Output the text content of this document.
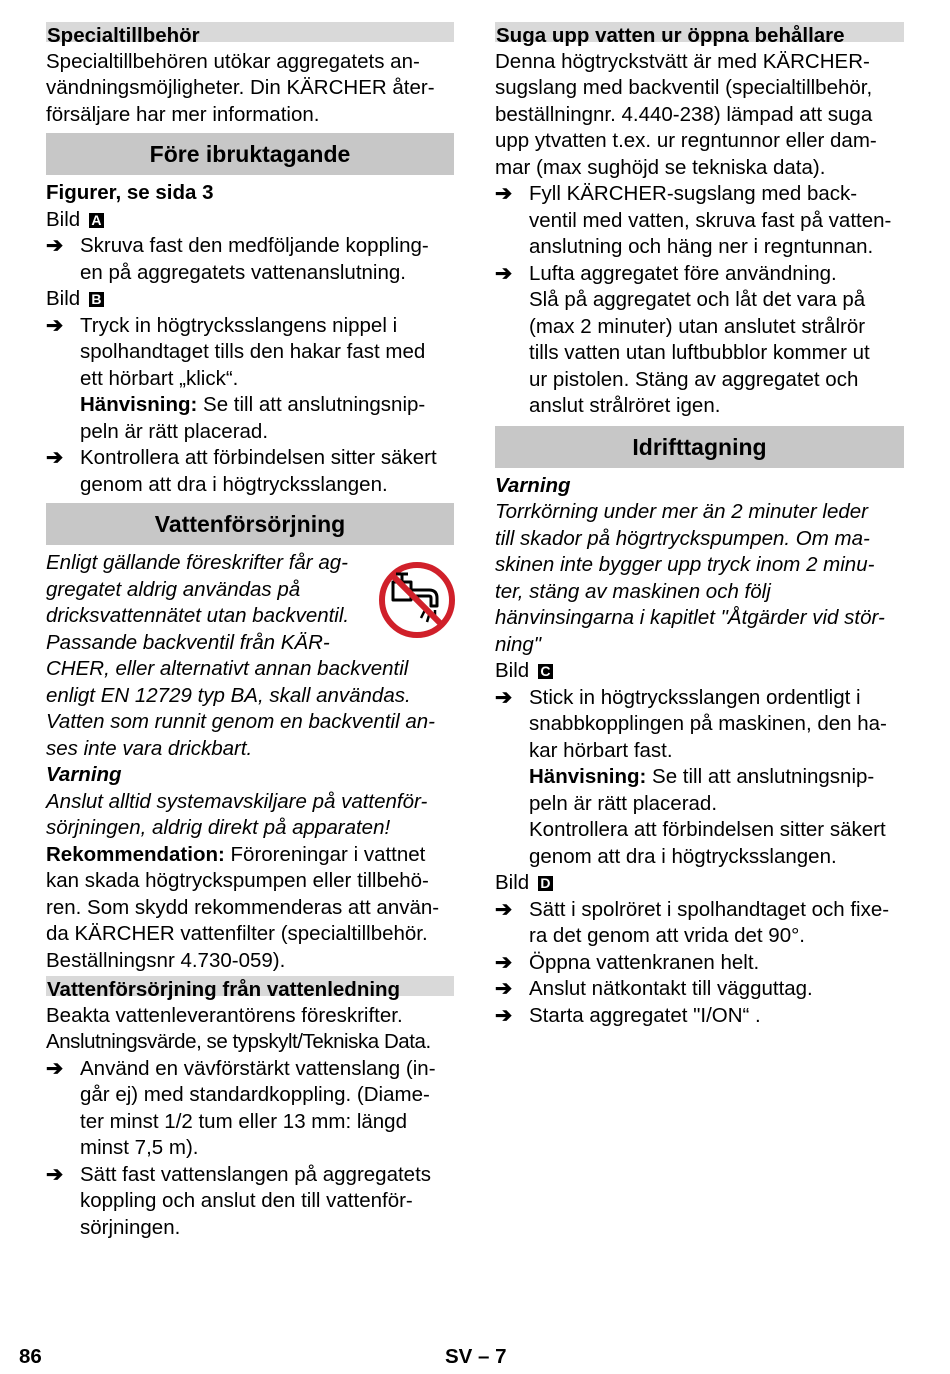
Specialtillbehör
Specialtillbehören utökar aggregatets an-
vändningsmöjligheter. Din KÄRCHER åter-
försäljare har mer information.
Före ibruktagande
Figurer, se sida 3
Bild A
➔ Skruva fast den medföljande koppling-
en på aggregatets vattenanslutning.
Bild B
➔ Tryck in högtrycksslangens nippel i
spolhandtaget tills den hakar fast med
ett hörbart „klick“.
Hänvisning: Se till att anslutningsnip-
peln är rätt placerad.
➔ Kontrollera att förbindelsen sitter säkert
genom att dra i högtrycksslangen.
Vattenförsörjning
Enligt gällande föreskrifter får ag-
gregatet aldrig användas på
dricksvattennätet utan backventil.
Passande backventil från KÄR-
CHER, eller alternativt annan backventil
enligt EN 12729 typ BA, skall användas.
Vatten som runnit genom en backventil an-
ses inte vara drickbart.
Varning
Anslut alltid systemavskiljare på vattenför-
sörjningen, aldrig direkt på apparaten!
Rekommendation: Föroreningar i vattnet
kan skada högtryckspumpen eller tillbehö-
ren. Som skydd rekommenderas att använ-
da KÄRCHER vattenfilter (specialtillbehör.
Beställningsnr 4.730-059).
Vattenförsörjning från vattenledning
Beakta vattenleverantörens föreskrifter.
Anslutningsvärde, se typskylt/Tekniska Data.
➔ Använd en vävförstärkt vattenslang (in-
går ej) med standardkoppling. (Diame-
ter minst 1/2 tum eller 13 mm: längd
minst 7,5 m).
➔ Sätt fast vattenslangen på aggregatets
koppling och anslut den till vattenför-
sörjningen.
Suga upp vatten ur öppna behållare
Denna högtryckstvätt är med KÄRCHER-
sugslang med backventil (specialtillbehör,
beställningnr. 4.440-238) lämpad att suga
upp ytvatten t.ex. ur regntunnor eller dam-
mar (max sughöjd se tekniska data).
➔ Fyll KÄRCHER-sugslang med back-
ventil med vatten, skruva fast på vatten-
anslutning och häng ner i regntunnan.
➔ Lufta aggregatet före användning.
Slå på aggregatet och låt det vara på
(max 2 minuter) utan anslutet strålrör
tills vatten utan luftbubblor kommer ut
ur pistolen. Stäng av aggregatet och
anslut strålröret igen.
Idrifttagning
Varning
Torrkörning under mer än 2 minuter leder
till skador på högrtryckspumpen. Om ma-
skinen inte bygger upp tryck inom 2 minu-
ter, stäng av maskinen och följ
hänvinsingarna i kapitlet "Åtgärder vid stör-
ning"
Bild C
➔ Stick in högtrycksslangen ordentligt i
snabbkopplingen på maskinen, den ha-
kar hörbart fast.
Hänvisning: Se till att anslutningsnip-
peln är rätt placerad.
Kontrollera att förbindelsen sitter säkert
genom att dra i högtrycksslangen.
Bild D
➔ Sätt i spolröret i spolhandtaget och fixe-
ra det genom att vrida det 90°.
➔ Öppna vattenkranen helt.
➔ Anslut nätkontakt till vägguttag.
➔ Starta aggregatet "I/ON“ .
86	SV – 7
